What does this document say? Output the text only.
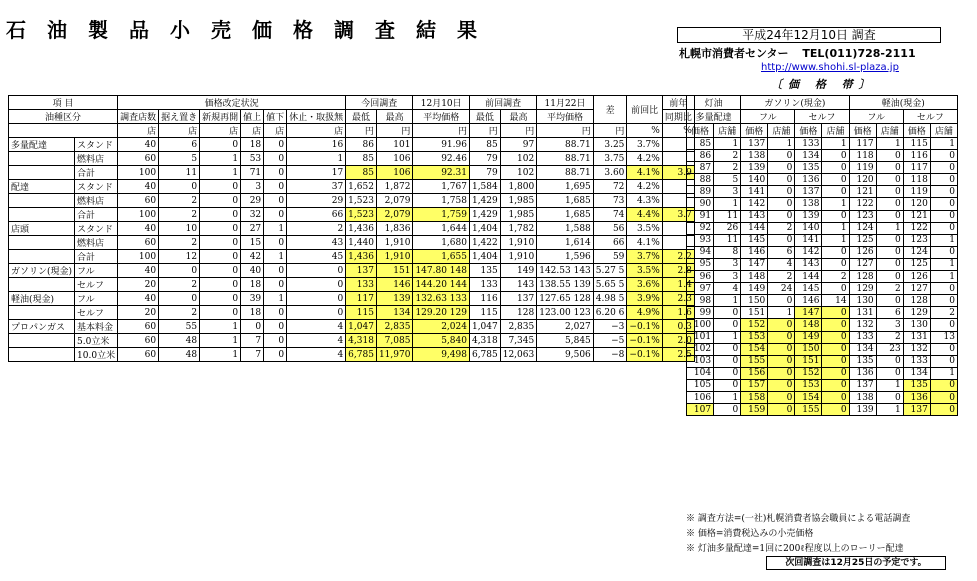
石油製品小売価格調査結果	平成24年12月10日 調査
札幌市消費者センター TEL(011)728-2111
http://www.shohi.sl-plaza.jp
〔価 格 帯〕
項 目		価格改定状況						今回調査		12月10日	前回調査		11月22日	差	前回比	前年
油種区分		調査店数	据え置き	新規再開	値上	値下	休止・取扱無	最低	最高	平均価格	最低	最高	平均価格			同期比
		店	店	店	店	店	店	円	円	円	円	円	円	円	%	%
多量配達	スタンド	40	6	0	18	0	16	86	101	91.96	85	97	88.71	3.25	3.7%	
	燃料店	60	5	1	53	0	1	85	106	92.46	79	102	88.71	3.75	4.2%	
	合計	100	11	1	71	0	17	85	106	92.31	79	102	88.71	3.60	4.1%	3.9
配達	スタンド	40	0	0	3	0	37	1,652	1,872	1,767	1,584	1,800	1,695	72	4.2%	
	燃料店	60	2	0	29	0	29	1,523	2,079	1,758	1,429	1,985	1,685	73	4.3%	
	合計	100	2	0	32	0	66	1,523	2,079	1,759	1,429	1,985	1,685	74	4.4%	3.7
店頭	スタンド	40	10	0	27	1	2	1,436	1,836	1,644	1,404	1,782	1,588	56	3.5%	
	燃料店	60	2	0	15	0	43	1,440	1,910	1,680	1,422	1,910	1,614	66	4.1%	
	合計	100	12	0	42	1	45	1,436	1,910	1,655	1,404	1,910	1,596	59	3.7%	2.2
ガソリン(現金)	フル	40	0	0	40	0	0	137	151	147.80 148	135	149	142.53 143	5.27 5	3.5%	2.8
	セルフ	20	2	0	18	0	0	133	146	144.20 144	133	143	138.55 139	5.65 5	3.6%	1.4
軽油(現金)	フル	40	0	0	39	1	0	117	139	132.63 133	116	137	127.65 128	4.98 5	3.9%	2.3
	セルフ	20	2	0	18	0	0	115	134	129.20 129	115	128	123.00 123	6.20 6	4.9%	1.6
プロパンガス	基本料金	60	55	1	0	0	4	1,047	2,835	2,024	1,047	2,835	2,027	−3	−0.1%	0.3
	5.0立米	60	48	1	7	0	4	4,318	7,085	5,840	4,318	7,345	5,845	−5	−0.1%	2.0
	10.0立米	60	48	1	7	0	4	6,785	11,970	9,498	6,785	12,063	9,506	−8	−0.1%	2.5
灯油		ガソリン(現金)				軽油(現金)			
多量配達		フル		セルフ		フル		セルフ	
価格	店舗	価格	店舗	価格	店舗	価格	店舗	価格	店舗
85	1	137	1	133	1	117	1	115	1
86	2	138	0	134	0	118	0	116	0
87	2	139	0	135	0	119	0	117	0
88	5	140	0	136	0	120	0	118	0
89	3	141	0	137	0	121	0	119	0
90	1	142	0	138	1	122	0	120	0
91	11	143	0	139	0	123	0	121	0
92	26	144	2	140	1	124	1	122	0
93	11	145	0	141	1	125	0	123	1
94	8	146	6	142	0	126	0	124	0
95	3	147	4	143	0	127	0	125	1
96	3	148	2	144	2	128	0	126	1
97	4	149	24	145	0	129	2	127	0
98	1	150	0	146	14	130	0	128	0
99	0	151	1	147	0	131	6	129	2
100	0	152	0	148	0	132	3	130	0
101	1	153	0	149	0	133	2	131	13
102	0	154	0	150	0	134	23	132	0
103	0	155	0	151	0	135	0	133	0
104	0	156	0	152	0	136	0	134	1
105	0	157	0	153	0	137	1	135	0
106	1	158	0	154	0	138	0	136	0
107	0	159	0	155	0	139	1	137	0
※ 調査方法=(一社)札幌消費者協会職員による電話調査
※ 価格=消費税込みの小売価格
※ 灯油多量配達=1回に200ℓ程度以上のローリー配達
次回調査は12月25日の予定です。
